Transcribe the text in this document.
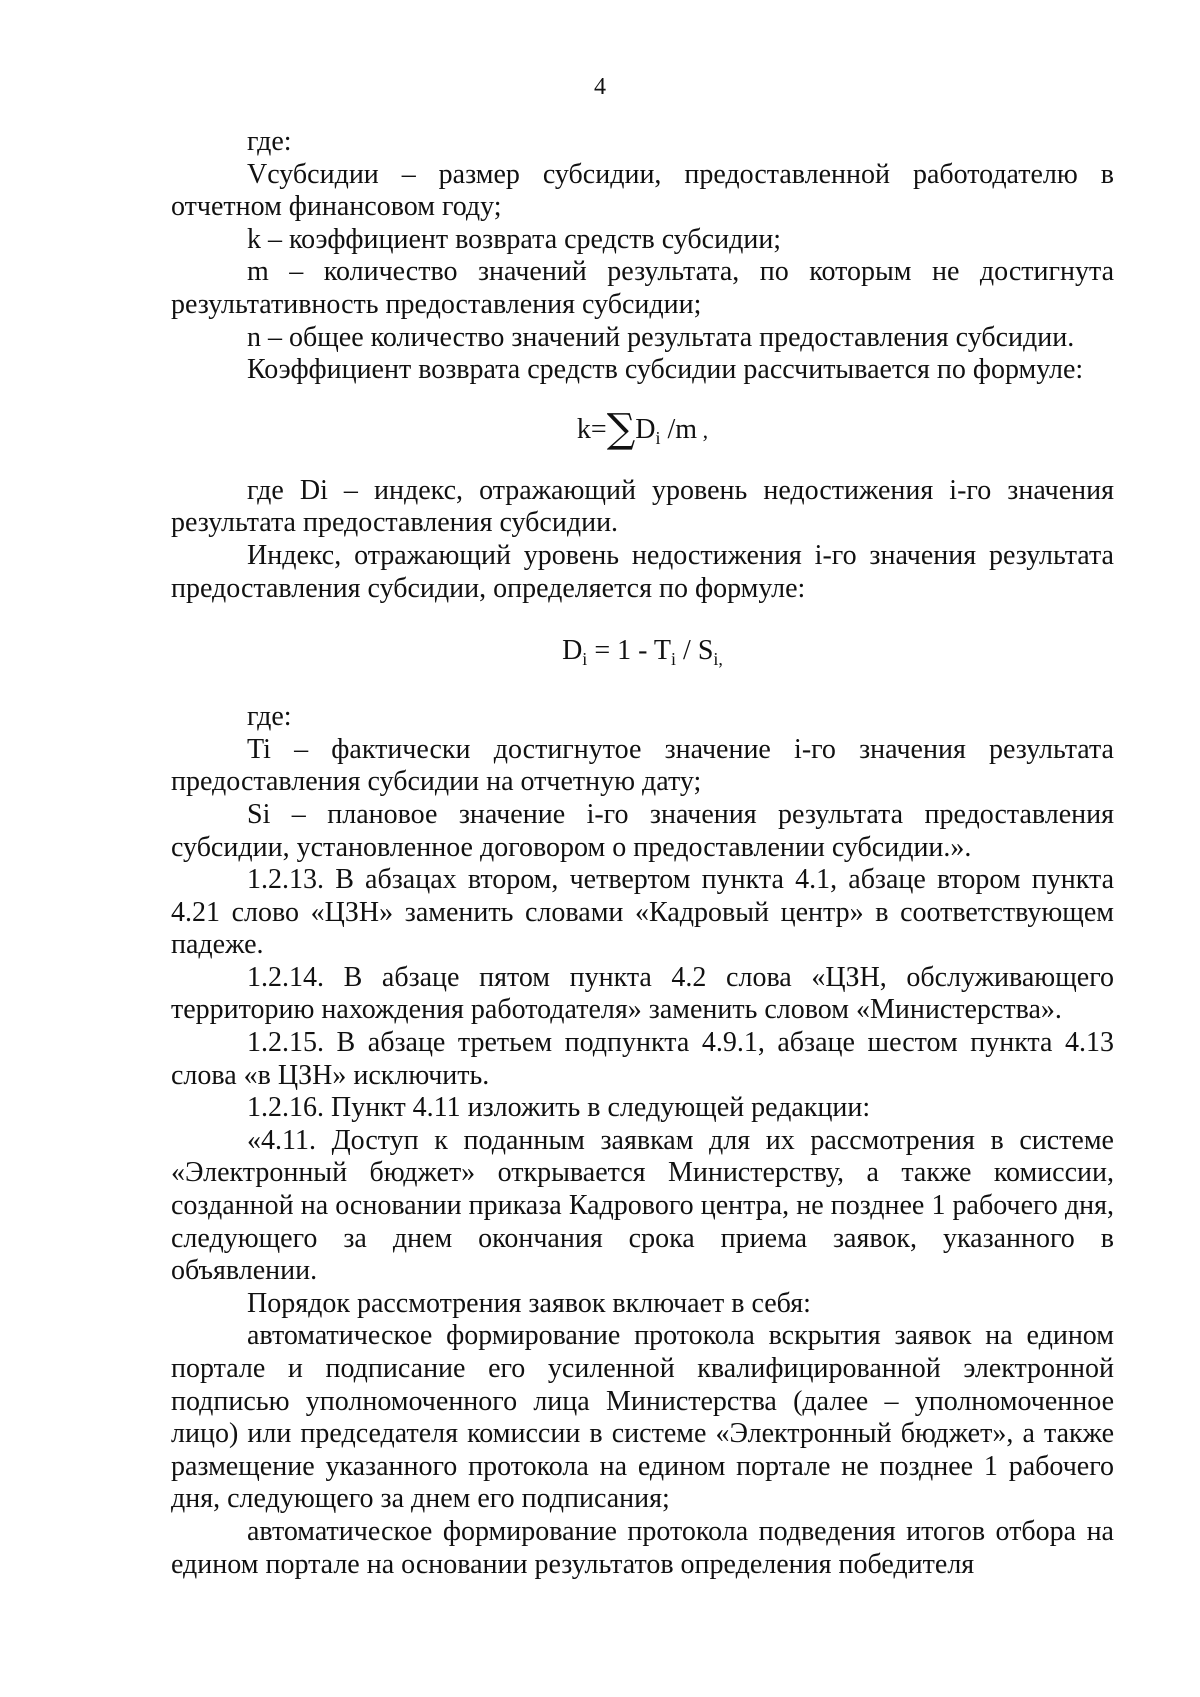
4

где:

Vсубсидии – размер субсидии, предоставленной работодателю в отчетном финансовом году;

k – коэффициент возврата средств субсидии;

m – количество значений результата, по которым не достигнута результативность предоставления субсидии;

n – общее количество значений результата предоставления субсидии.

Коэффициент возврата средств субсидии рассчитывается по формуле:

$k=\sum D_i$ /m ,

где Di – индекс, отражающий уровень недостижения i-го значения результата предоставления субсидии.

Индекс, отражающий уровень недостижения i-го значения результата предоставления субсидии, определяется по формуле:

$D_i = 1 - T_i / S_{i,}$

где:

Ti – фактически достигнутое значение i-го значения результата предоставления субсидии на отчетную дату;

Si – плановое значение i-го значения результата предоставления субсидии, установленное договором о предоставлении субсидии.».

1.2.13. В абзацах втором, четвертом пункта 4.1, абзаце втором пункта 4.21 слово «ЦЗН» заменить словами «Кадровый центр» в соответствующем падеже.

1.2.14. В абзаце пятом пункта 4.2 слова «ЦЗН, обслуживающего территорию нахождения работодателя» заменить словом «Министерства».

1.2.15. В абзаце третьем подпункта 4.9.1, абзаце шестом пункта 4.13 слова «в ЦЗН» исключить.

1.2.16. Пункт 4.11 изложить в следующей редакции:

«4.11. Доступ к поданным заявкам для их рассмотрения в системе «Электронный бюджет» открывается Министерству, а также комиссии, созданной на основании приказа Кадрового центра, не позднее 1 рабочего дня, следующего за днем окончания срока приема заявок, указанного в объявлении.

Порядок рассмотрения заявок включает в себя:

автоматическое формирование протокола вскрытия заявок на едином портале и подписание его усиленной квалифицированной электронной подписью уполномоченного лица Министерства (далее – уполномоченное лицо) или председателя комиссии в системе «Электронный бюджет», а также размещение указанного протокола на едином портале не позднее 1 рабочего дня, следующего за днем его подписания;

автоматическое формирование протокола подведения итогов отбора на едином портале на основании результатов определения победителя
